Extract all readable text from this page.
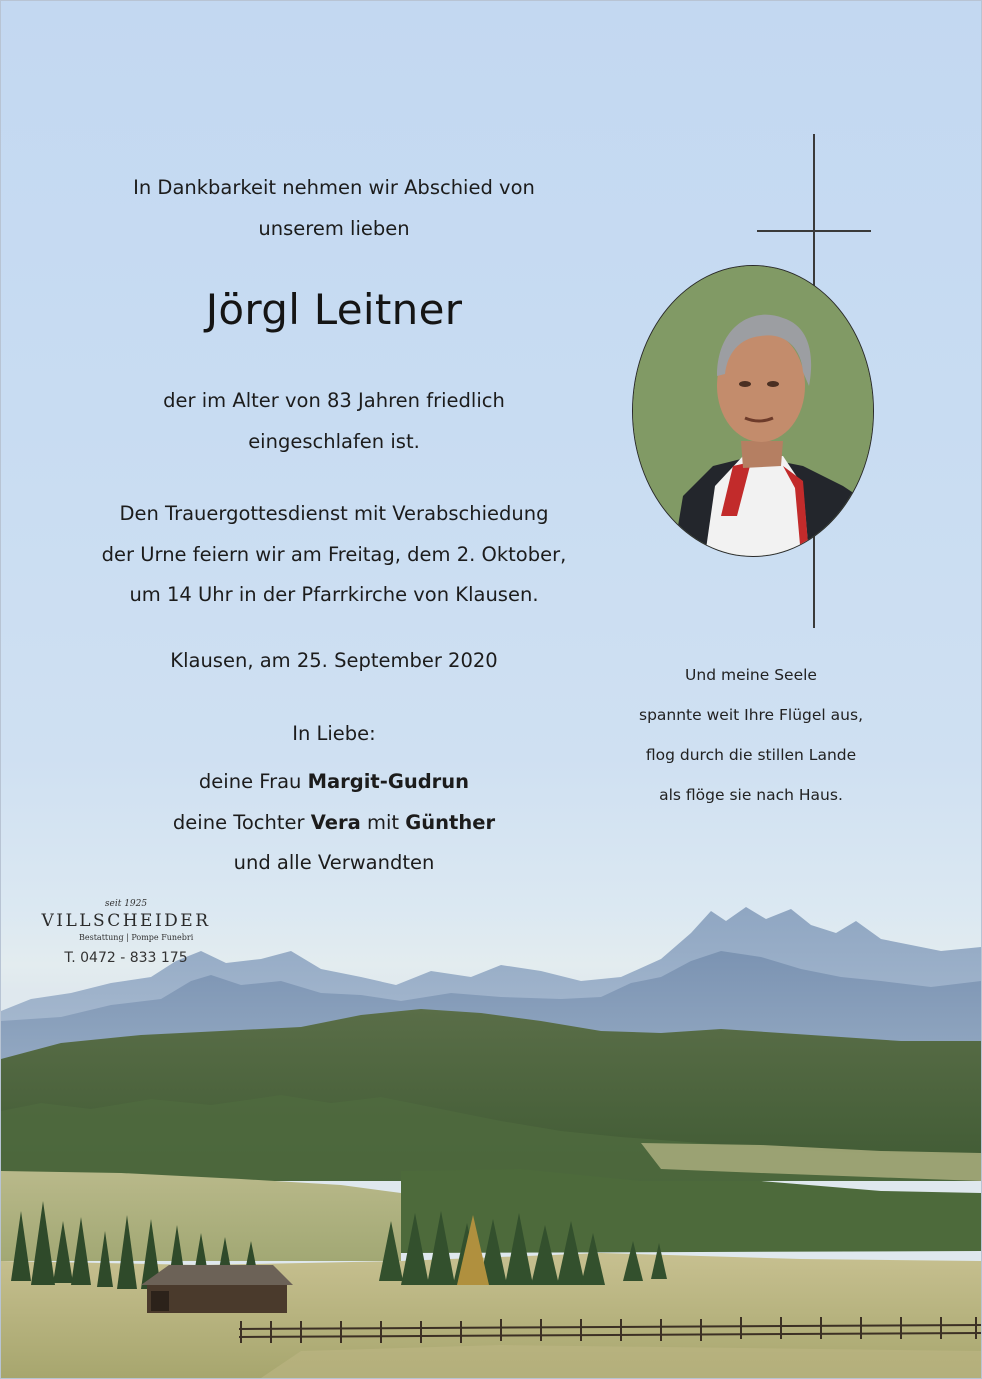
In Dankbarkeit nehmen wir Abschied von
unserem lieben
Jörgl Leitner
der im Alter von 83 Jahren friedlich
eingeschlafen ist.
Den Trauergottesdienst mit Verabschiedung
der Urne feiern wir am Freitag, dem 2. Oktober,
um 14 Uhr in der Pfarrkirche von Klausen.
Klausen, am 25. September 2020
In Liebe:
deine Frau Margit-Gudrun
deine Tochter Vera mit Günther
und alle Verwandten
Und meine Seele
spannte weit Ihre Flügel aus,
flog durch die stillen Lande
als flöge sie nach Haus.
seit 1925
VILLSCHEIDER
Bestattung | Pompe Funebri
T. 0472 - 833 175
